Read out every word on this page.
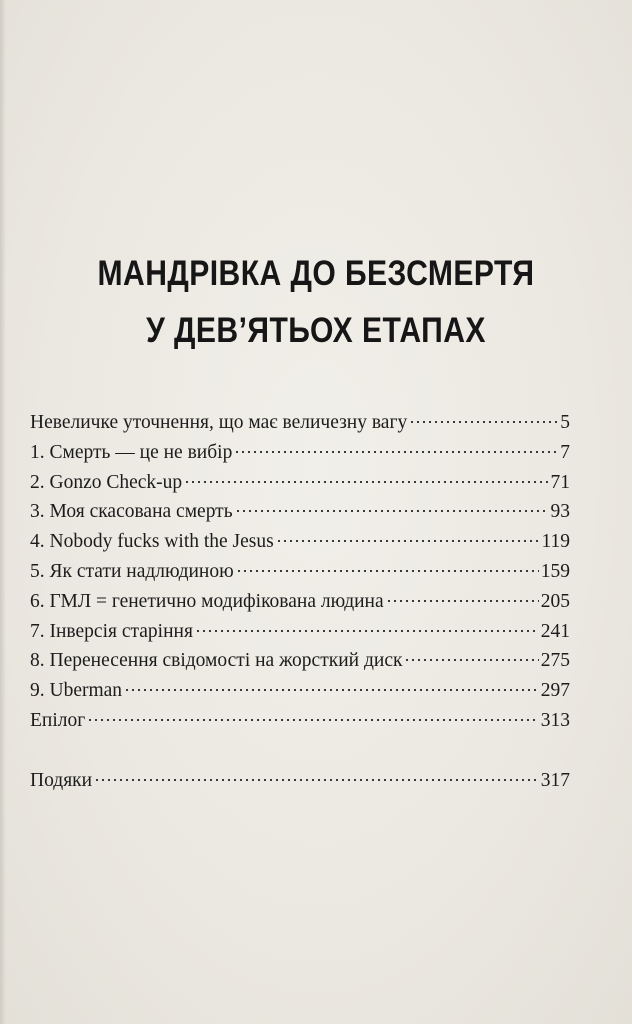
МАНДРІВКА ДО БЕЗСМЕРТЯ
У ДЕВ’ЯТЬОХ ЕТАПАХ
Невеличке уточнення, що має величезну вагу	5
1. Смерть — це не вибір	7
2. Gonzo Check-up	71
3. Моя скасована смерть	93
4. Nobody fucks with the Jesus	119
5. Як стати надлюдиною	159
6. ГМЛ = генетично модифікована людина	205
7. Інверсія старіння	241
8. Перенесення свідомості на жорсткий диск	275
9. Uberman	297
Епілог	313
Подяки	317
